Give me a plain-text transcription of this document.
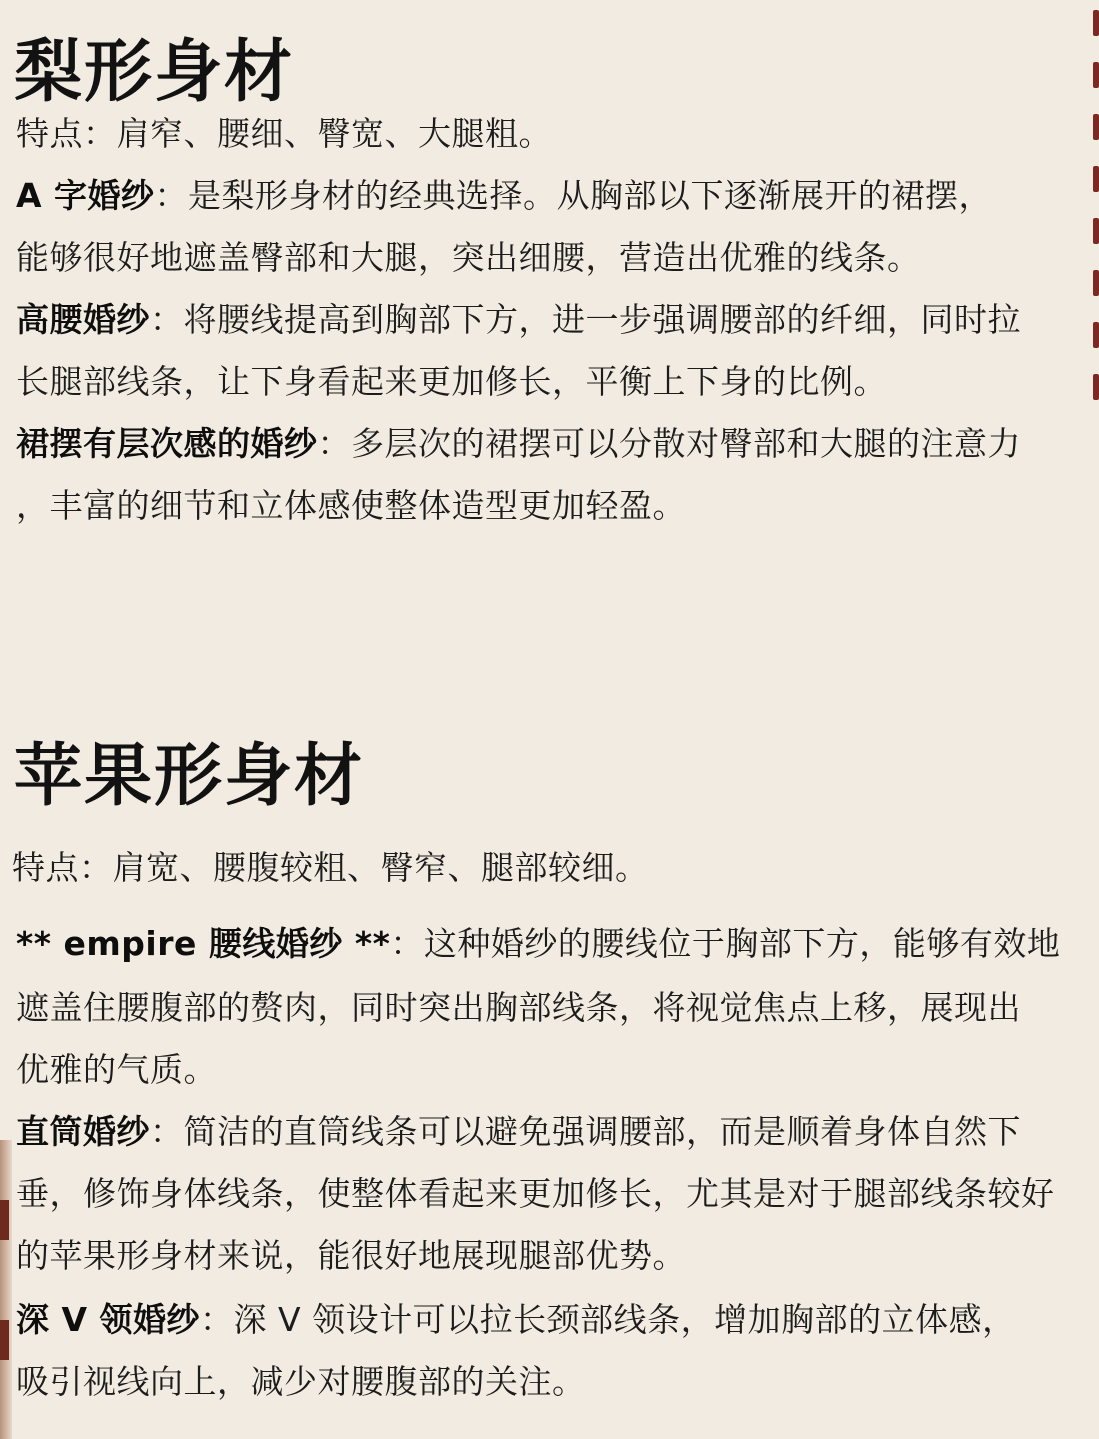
梨形身材
特点：肩窄、腰细、臀宽、大腿粗。
A 字婚纱：是梨形身材的经典选择。从胸部以下逐渐展开的裙摆，
能够很好地遮盖臀部和大腿，突出细腰，营造出优雅的线条。
高腰婚纱：将腰线提高到胸部下方，进一步强调腰部的纤细，同时拉
长腿部线条，让下身看起来更加修长，平衡上下身的比例。
裙摆有层次感的婚纱：多层次的裙摆可以分散对臀部和大腿的注意力
，丰富的细节和立体感使整体造型更加轻盈。
苹果形身材
特点：肩宽、腰腹较粗、臀窄、腿部较细。
** empire 腰线婚纱 **：这种婚纱的腰线位于胸部下方，能够有效地
遮盖住腰腹部的赘肉，同时突出胸部线条，将视觉焦点上移，展现出
优雅的气质。
直筒婚纱：简洁的直筒线条可以避免强调腰部，而是顺着身体自然下
垂，修饰身体线条，使整体看起来更加修长，尤其是对于腿部线条较好
的苹果形身材来说，能很好地展现腿部优势。
深 V 领婚纱：深 V 领设计可以拉长颈部线条，增加胸部的立体感，
吸引视线向上，减少对腰腹部的关注。
